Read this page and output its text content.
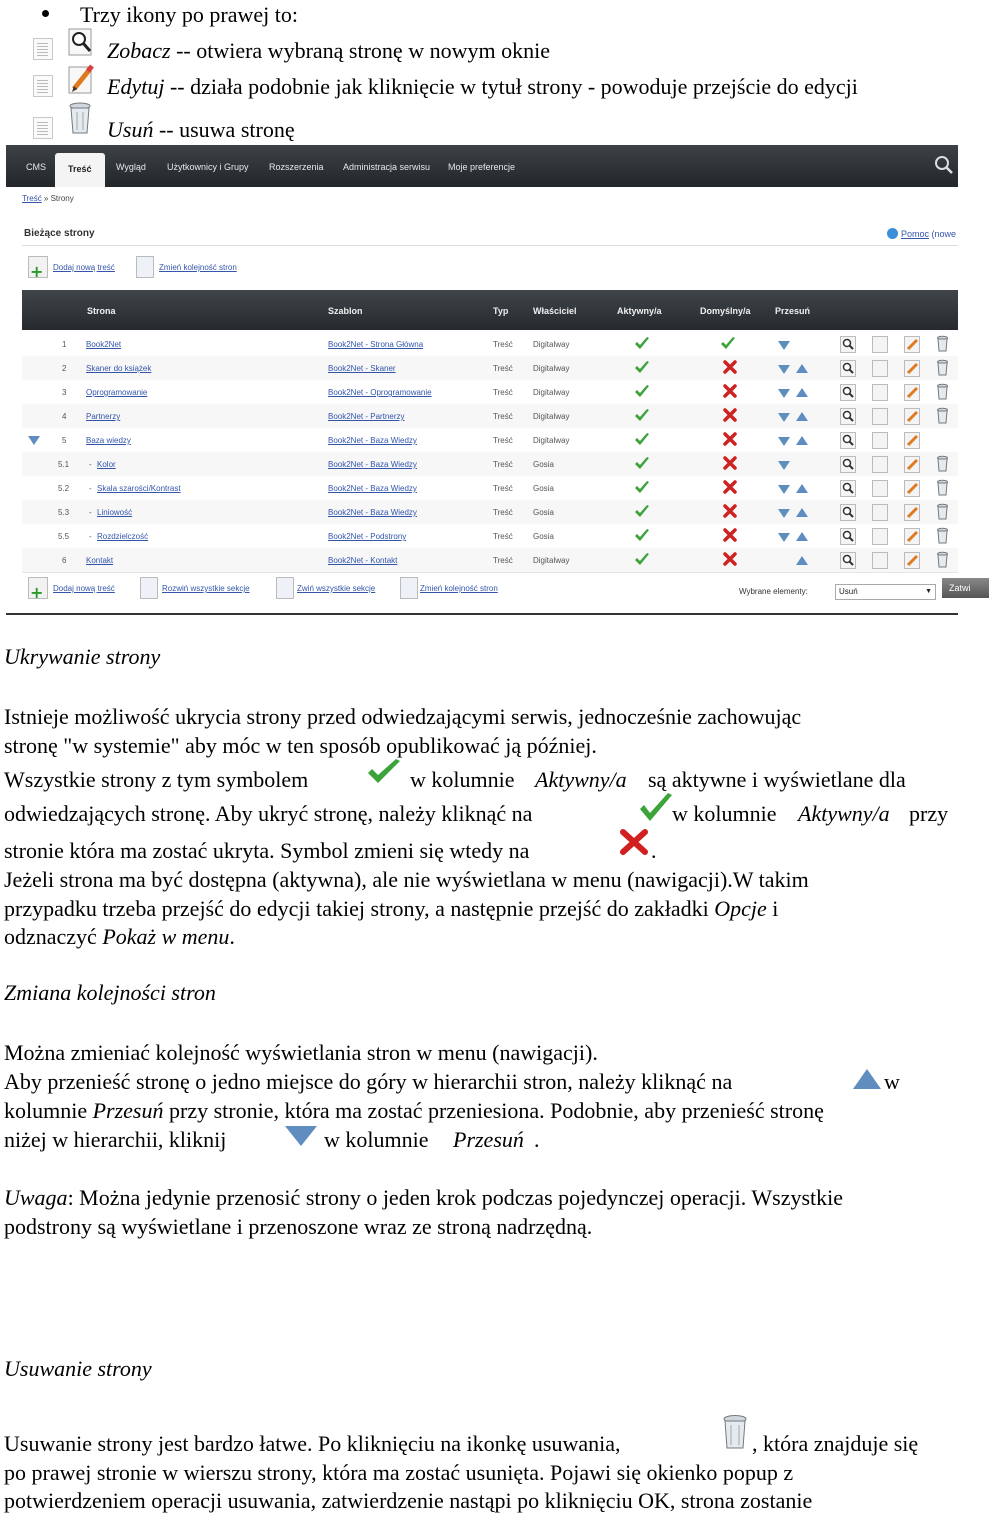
Trzy ikony po prawej to:
Zobacz -- otwiera wybraną stronę w nowym oknie
Edytuj -- działa podobnie jak kliknięcie w tytuł strony - powoduje przejście do edycji
Usuń -- usuwa stronę
CMS	Treść	Wygląd Użytkownicy i Grupy Rozszerzenia Administracja serwisu Moje preferencje
Treść » Strony
Bieżące strony	Pomoc (nowe
+
Dodaj nową treść	Zmień kolejność stron
Strona	Szablon	Typ	Właściciel	Aktywny/a	Domyślny/a	Przesuń
1 Book2Net	Book2Net - Strona Główna	Treść	Digitalway
2 Skaner do książek	Book2Net - Skaner	Treść	Digitalway
3 Oprogramowanie	Book2Net - Oprogramowanie	Treść	Digitalway
4 Partnerzy	Book2Net - Partnerzy	Treść	Digitalway
5 Baza wiedzy	Book2Net - Baza Wiedzy	Treść	Digitalway
5.1 - Kolor	Book2Net - Baza Wiedzy	Treść	Gosia
5.2 - Skala szarości/Kontrast	Book2Net - Baza Wiedzy	Treść	Gosia
5.3 - Liniowość	Book2Net - Baza Wiedzy	Treść	Gosia
5.5 - Rozdzielczość	Book2Net - Podstrony	Treść	Gosia
6 Kontakt	Book2Net - Kontakt	Treść	Digitalway
+
Dodaj nową treść	Rozwiń wszystkie sekcje	Zwiń wszystkie sekcje	Zmień kolejność stron	Wybrane elementy:	Usuń	▼	Zatwi
Ukrywanie strony
Istnieje możliwość ukrycia strony przed odwiedzającymi serwis, jednocześnie zachowując
stronę "w systemie" aby móc w ten sposób opublikować ją później.
Wszystkie strony z tym symbolem	w kolumnie Aktywny/a są aktywne i wyświetlane dla
odwiedzających stronę. Aby ukryć stronę, należy kliknąć na	w kolumnie Aktywny/a przy
stronie która ma zostać ukryta. Symbol zmieni się wtedy na	.
Jeżeli strona ma być dostępna (aktywna), ale nie wyświetlana w menu (nawigacji).W takim
przypadku trzeba przejść do edycji takiej strony, a następnie przejść do zakładki Opcje i
odznaczyć Pokaż w menu.
Zmiana kolejności stron
Można zmieniać kolejność wyświetlania stron w menu (nawigacji).
Aby przenieść stronę o jedno miejsce do góry w hierarchii stron, należy kliknąć na	w
kolumnie Przesuń przy stronie, która ma zostać przeniesiona. Podobnie, aby przenieść stronę
niżej w hierarchii, kliknij	w kolumnie Przesuń .
Uwaga: Można jedynie przenosić strony o jeden krok podczas pojedynczej operacji. Wszystkie
podstrony są wyświetlane i przenoszone wraz ze stroną nadrzędną.
Usuwanie strony
Usuwanie strony jest bardzo łatwe. Po kliknięciu na ikonkę usuwania,	, która znajduje się
po prawej stronie w wierszu strony, która ma zostać usunięta. Pojawi się okienko popup z
potwierdzeniem operacji usuwania, zatwierdzenie nastąpi po kliknięciu OK, strona zostanie
